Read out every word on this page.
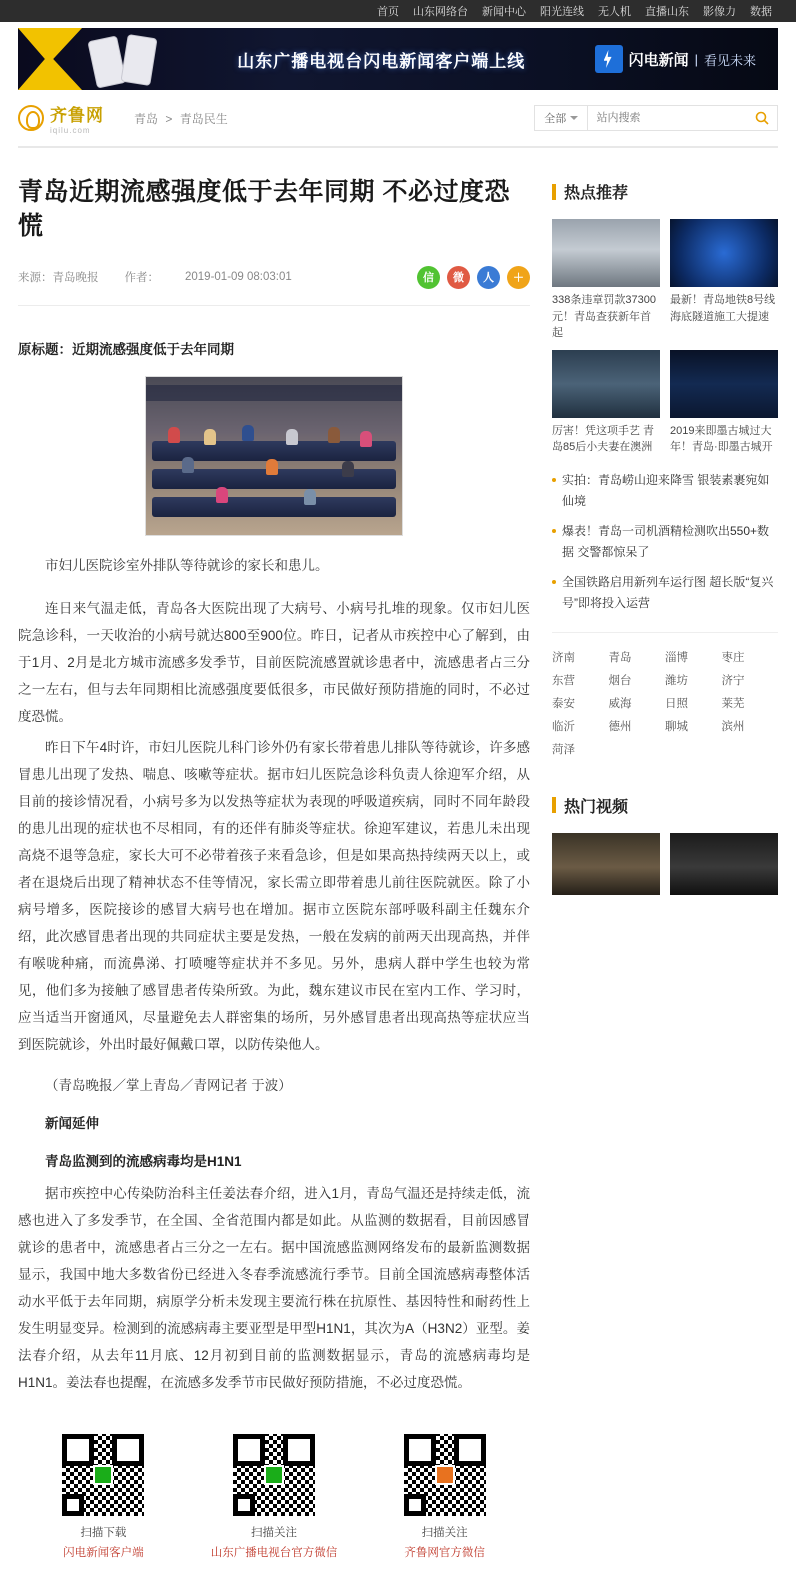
首页 山东网络台 新闻中心 阳光连线 无人机 直播山东 影像力 数据
山东广播电视台闪电新闻客户端上线	闪电新闻 | 看见未来
齐鲁网
iqilu.com
青岛 > 青岛民生	全部
站内搜索
青岛近期流感强度低于去年同期 不必过度恐慌
来源：青岛晚报 作者： 2019-01-09 08:03:01	信	微	人	＋
原标题：近期流感强度低于去年同期

市妇儿医院诊室外排队等待就诊的家长和患儿。

连日来气温走低，青岛各大医院出现了大病号、小病号扎堆的现象。仅市妇儿医院急诊科，一天收治的小病号就达800至900位。昨日，记者从市疾控中心了解到，由于1月、2月是北方城市流感多发季节，目前医院流感置就诊患者中，流感患者占三分之一左右，但与去年同期相比流感强度要低很多，市民做好预防措施的同时，不必过度恐慌。

昨日下午4时许，市妇儿医院儿科门诊外仍有家长带着患儿排队等待就诊，许多感冒患儿出现了发热、喘息、咳嗽等症状。据市妇儿医院急诊科负责人徐迎军介绍，从目前的接诊情况看，小病号多为以发热等症状为表现的呼吸道疾病，同时不同年龄段的患儿出现的症状也不尽相同，有的还伴有肺炎等症状。徐迎军建议，若患儿未出现高烧不退等急症，家长大可不必带着孩子来看急诊，但是如果高热持续两天以上，或者在退烧后出现了精神状态不佳等情况，家长需立即带着患儿前往医院就医。除了小病号增多，医院接诊的感冒大病号也在增加。据市立医院东部呼吸科副主任魏东介绍，此次感冒患者出现的共同症状主要是发热，一般在发病的前两天出现高热，并伴有喉咙种痛，而流鼻涕、打喷嚏等症状并不多见。另外，患病人群中学生也较为常见，他们多为接触了感冒患者传染所致。为此，魏东建议市民在室内工作、学习时，应当适当开窗通风，尽量避免去人群密集的场所，另外感冒患者出现高热等症状应当到医院就诊，外出时最好佩戴口罩，以防传染他人。

（青岛晚报／掌上青岛／青网记者 于波）
新闻延伸
青岛监测到的流感病毒均是H1N1

据市疾控中心传染防治科主任姜法春介绍，进入1月，青岛气温还是持续走低，流感也进入了多发季节，在全国、全省范围内都是如此。从监测的数据看，目前因感冒就诊的患者中，流感患者占三分之一左右。据中国流感监测网络发布的最新监测数据显示，我国中地大多数省份已经进入冬春季流感流行季节。目前全国流感病毒整体活动水平低于去年同期，病原学分析未发现主要流行株在抗原性、基因特性和耐药性上发生明显变异。检测到的流感病毒主要亚型是甲型H1N1，其次为A（H3N2）亚型。姜法春介绍，从去年11月底、12月初到目前的监测数据显示，青岛的流感病毒均是H1N1。姜法春也提醒，在流感多发季节市民做好预防措施，不必过度恐慌。

扫描下载
闪电新闻客户端
扫描关注
山东广播电视台官方微信
扫描关注
齐鲁网官方微信
热点推荐
338条违章罚款37300元！青岛查获新年首起
最新！青岛地铁8号线海底隧道施工大提速
厉害！凭这项手艺 青岛85后小夫妻在澳洲
2019来即墨古城过大年！青岛·即墨古城开
实拍：青岛崂山迎来降雪 银装素裹宛如仙境
爆表！青岛一司机酒精检测吹出550+数据 交警都惊呆了
全国铁路启用新列车运行图 超长版“复兴号”即将投入运营
济南	青岛	淄博	枣庄
东营	烟台	潍坊	济宁
泰安	威海	日照	莱芜
临沂	德州	聊城	滨州
菏泽
热门视频
